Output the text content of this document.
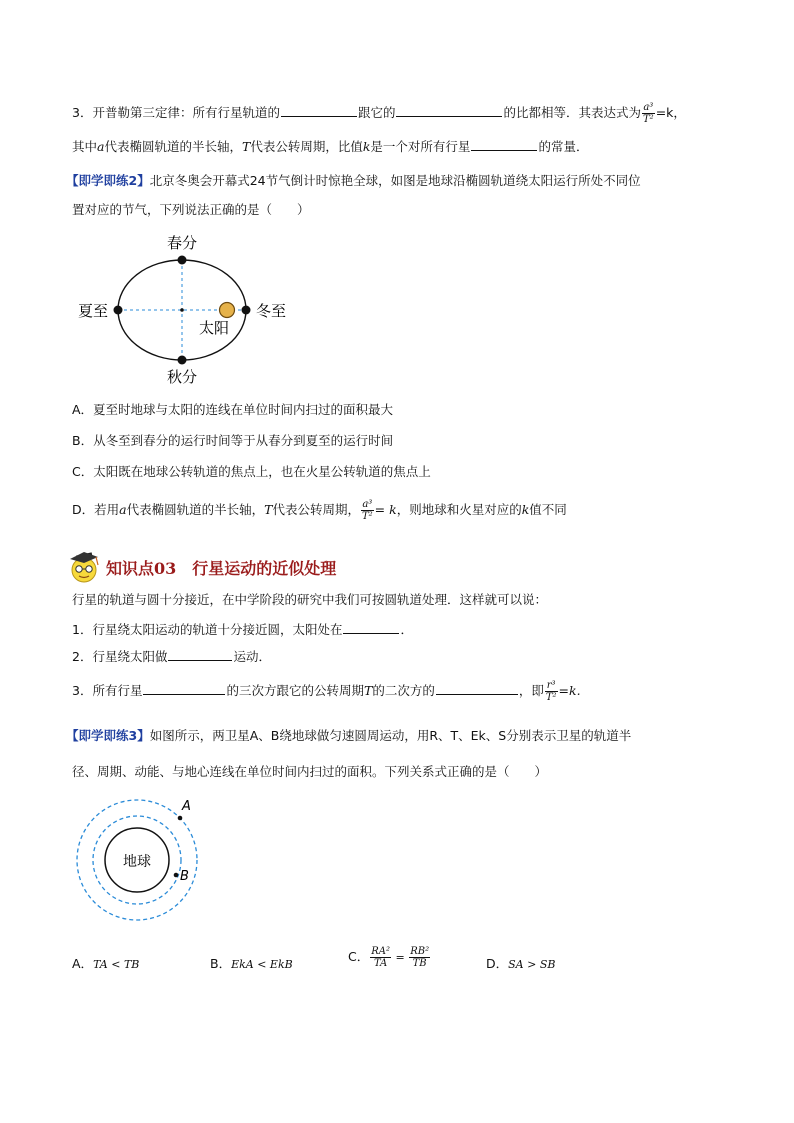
3．开普勒第三定律：所有行星轨道的	跟它的	的比都相等．其表达式为 $\frac{\text{a³}}{\text{T²}} =k$，
其中a代表椭圆轨道的半长轴，T代表公转周期，比值k是一个对所有行星	的常量．
【即学即练2】北京冬奥会开幕式24节气倒计时惊艳全球，如图是地球沿椭圆轨道绕太阳运行所处不同位
置对应的节气，下列说法正确的是（　　）
春分
夏至	冬至
秋分
太阳
A．夏至时地球与太阳的连线在单位时间内扫过的面积最大
B．从冬至到春分的运行时间等于从春分到夏至的运行时间
C．太阳既在地球公转轨道的焦点上，也在火星公转轨道的焦点上
D．若用a代表椭圆轨道的半长轴，T代表公转周期， $\frac{\text{a³}}{\text{T²}} = k$，则地球和火星对应的k值不同
知识点03　行星运动的近似处理
行星的轨道与圆十分接近，在中学阶段的研究中我们可按圆轨道处理．这样就可以说：
1．行星绕太阳运动的轨道十分接近圆，太阳处在	．
2．行星绕太阳做	运动．
3．所有行星	的三次方跟它的公转周期T的二次方的	，即 $\frac{\text{r³}}{\text{T²}} =k$.
【即学即练3】如图所示，两卫星A、B绕地球做匀速圆周运动，用R、T、Ek、S分别表示卫星的轨道半
径、周期、动能、与地心连线在单位时间内扫过的面积。下列关系式正确的是（　　）
地球
A
B
A．TA < TB	B．EkA < EkB
C． $\frac{\text{RA²}}{TA} = \frac{\text{RB²}}{TB}$	D．SA > SB
